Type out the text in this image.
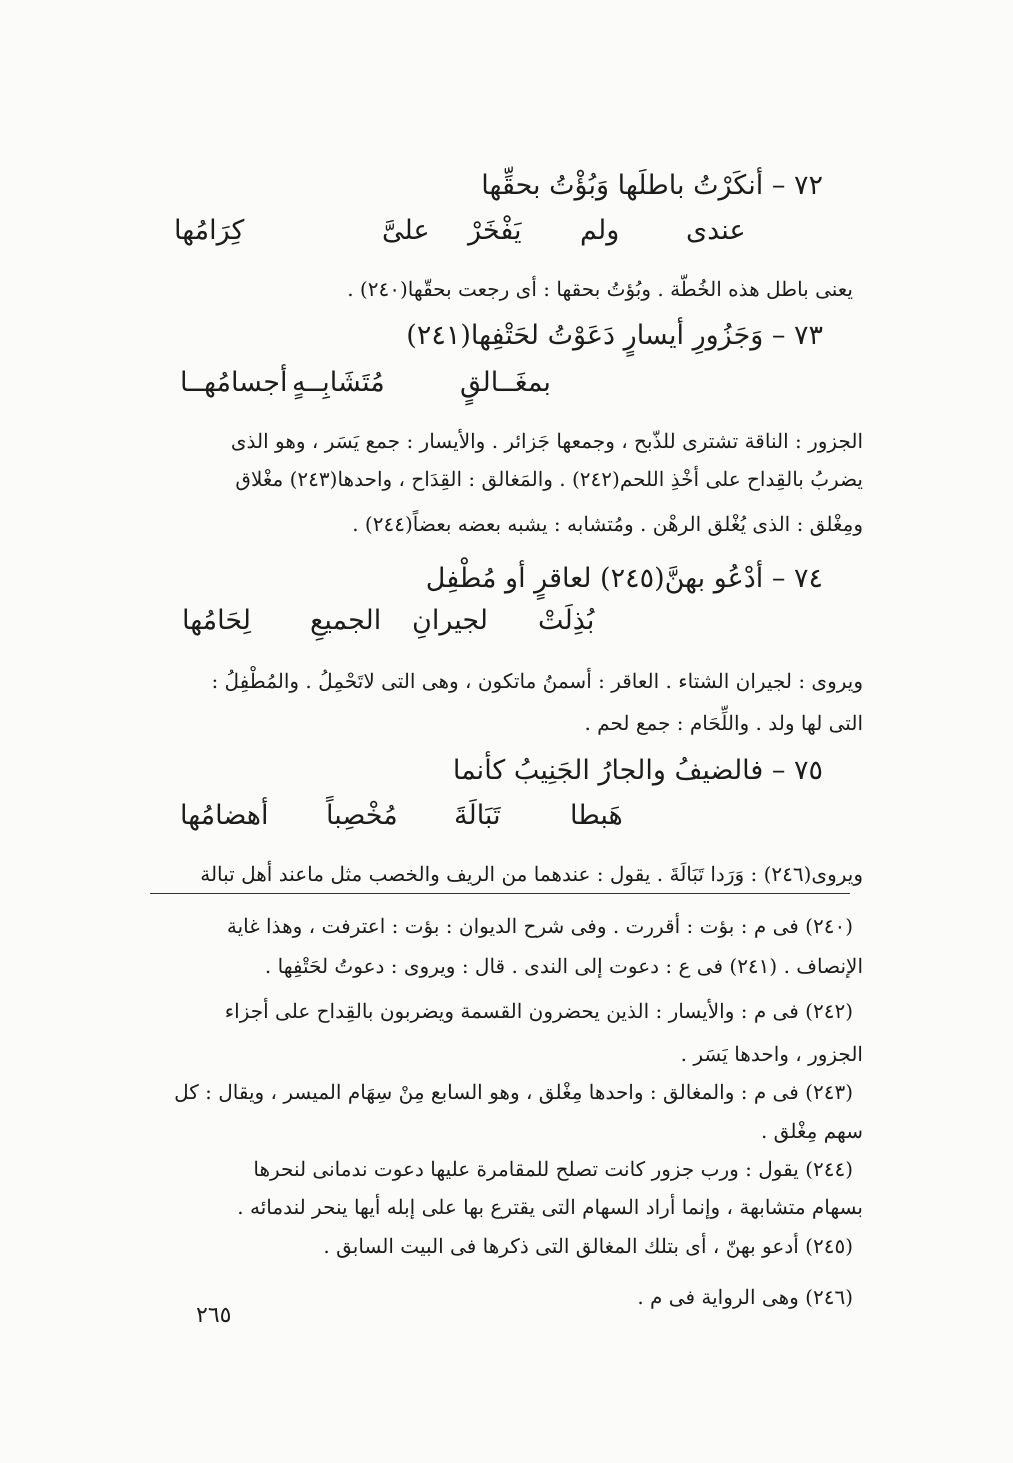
٧٢ – أنكَرْتُ باطلَها وَبُؤْتُ بحقِّها
عندى
ولم
يَفْخَرْ
علىَّ
كِرَامُها
يعنى باطل هذه الخُطّة . وبُؤتُ بحقها : أى رجعت بحقّها(٢٤٠) .
٧٣ – وَجَزُورِ أيسارٍ دَعَوْتُ لحَتْفِها(٢٤١)
بمغَــالقٍ
مُتَشَابِــهٍ
أجسامُهــا
الجزور : الناقة تشترى للذّبح ، وجمعها جَزائر . والأيسار : جمع يَسَر ، وهو الذى
يضربُ بالقِداح على أخْذِ اللحم(٢٤٢) . والمَغالق : القِدَاح ، واحدها(٢٤٣) مغْلاق
ومِغْلق : الذى يُغْلق الرهْن . ومُتشابه : يشبه بعضه بعضاً(٢٤٤) .
٧٤ – أدْعُو بهنَّ(٢٤٥) لعاقرٍ أو مُطْفِل
بُذِلَتْ
لجيرانِ
الجميعِ
لِحَامُها
ويروى : لجيران الشتاء . العاقر : أسمنُ ماتكون ، وهى التى لاتَحْمِلُ . والمُطْفِلُ :
التى لها ولد . واللِّحَام : جمع لحم .
٧٥ – فالضيفُ والجارُ الجَنِيبُ كأنما
هَبطا
تَبَالَةَ
مُخْصِباً
أهضامُها
ويروى(٢٤٦) : وَرَدا تَبَالَةَ . يقول : عندهما من الريف والخصب مثل ماعند أهل تبالة
(٢٤٠) فى م : بؤت : أقررت . وفى شرح الديوان : بؤت : اعترفت ، وهذا غاية
الإنصاف . (٢٤١) فى ع : دعوت إلى الندى . قال : ويروى : دعوتُ لحَتْفِها .
(٢٤٢) فى م : والأيسار : الذين يحضرون القسمة ويضربون بالقِداح على أجزاء
الجزور ، واحدها يَسَر .
(٢٤٣) فى م : والمغالق : واحدها مِغْلق ، وهو السابع مِنْ سِهَام الميسر ، ويقال : كل
سهم مِغْلق .
(٢٤٤) يقول : ورب جزور كانت تصلح للمقامرة عليها دعوت ندمانى لنحرها
بسهام متشابهة ، وإنما أراد السهام التى يقترع بها على إبله أيها ينحر لندمائه .
(٢٤٥) أدعو بهنّ ، أى بتلك المغالق التى ذكرها فى البيت السابق .
(٢٤٦) وهى الرواية فى م .
٢٦٥
